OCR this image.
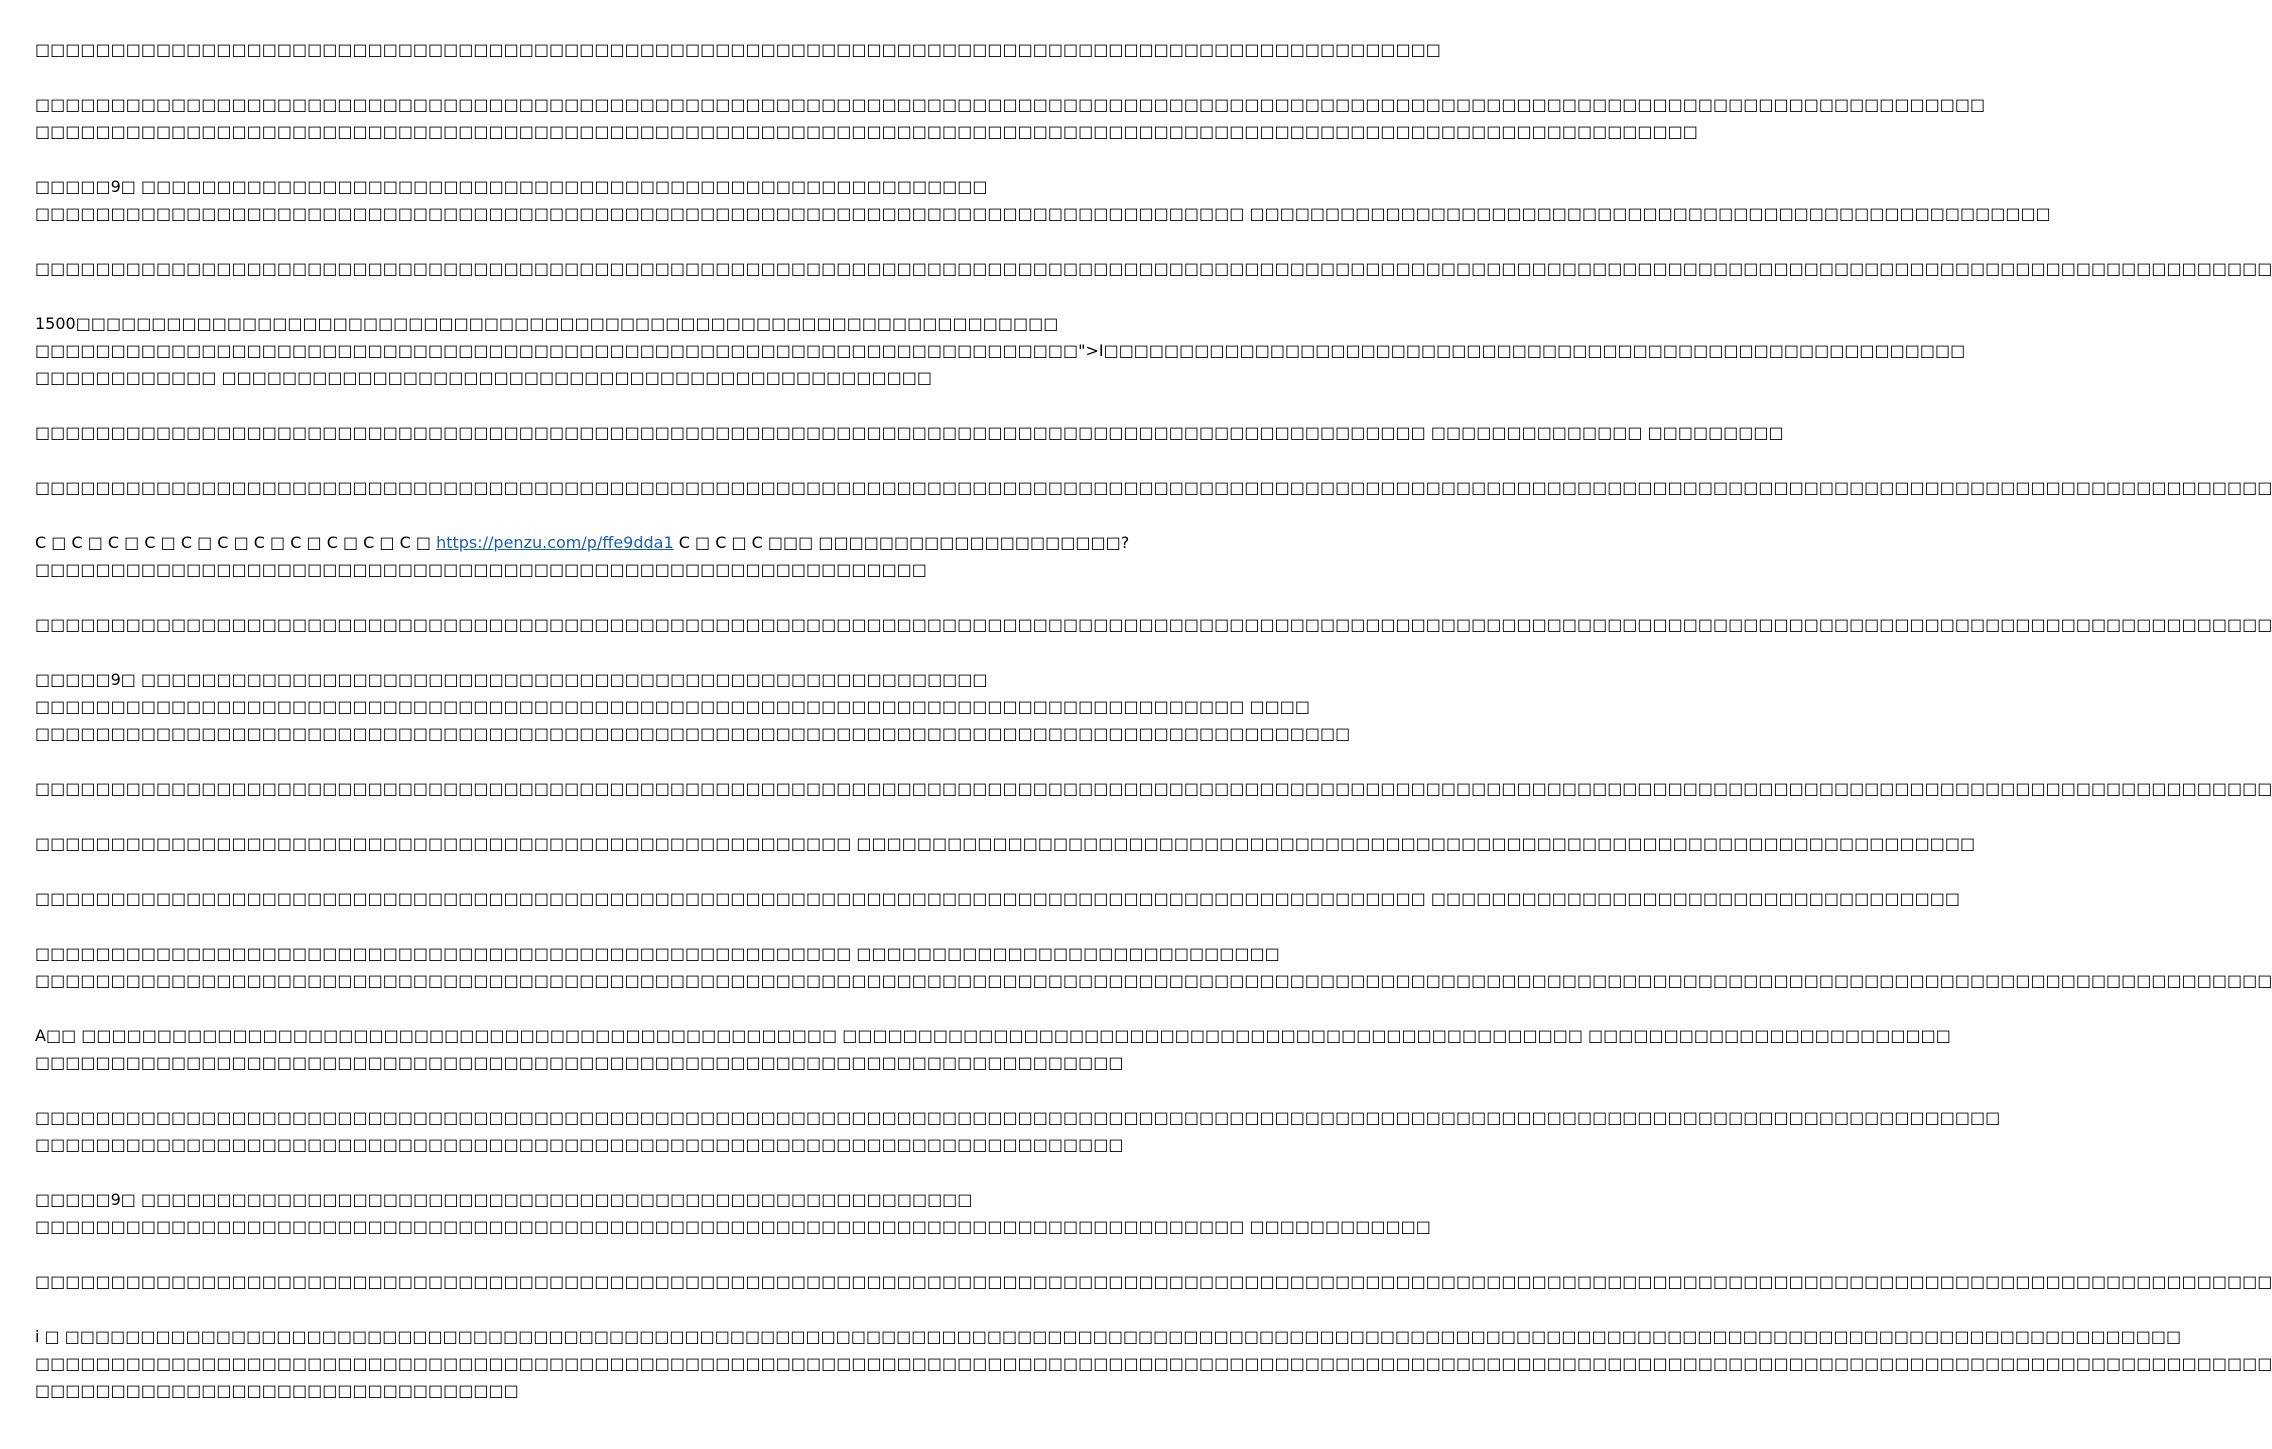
□□□□□□□□□□□□□□□□□□□□□□□□□□□□□□□□□□□□□□□□□□□□□□□□□□□□□□□□□□□□□□□□□□□□□□□□□□□□□□□□□□□□□□□□□□□□□
□□□□□□□□□□□□□□□□□□□□□□□□□□□□□□□□□□□□□□□□□□□□□□□□□□□□□□□□□□□□□□□□□□□□□□□□□□□□□□□□□□□□□□□□□□□□□□□□□□□□□□□□□□□□□□□□□□□□□□□□□□□□□□□□□
□□□□□□□□□□□□□□□□□□□□□□□□□□□□□□□□□□□□□□□□□□□□□□□□□□□□□□□□□□□□□□□□□□□□□□□□□□□□□□□□□□□□□□□□□□□□□□□□□□□□□□□□□□□□□□
□□□□□9□ □□□□□□□□□□□□□□□□□□□□□□□□□□□□□□□□□□□□□□□□□□□□□□□□□□□□□□□□
□□□□□□□□□□□□□□□□□□□□□□□□□□□□□□□□□□□□□□□□□□□□□□□□□□□□□□□□□□□□□□□□□□□□□□□□□□□□□□□□ □□□□□□□□□□□□□□□□□□□□□□□□□□□□□□□□□□□□□□□□□□□□□□□□□□□□□
□□□□□□□□□□□□□□□□□□□□□□□□□□□□□□□□□□□□□□□□□□□□□□□□□□□□□□□□□□□□□□□□□□□□□□□□□□□□□□□□□□□□□□□□□□□□□□□□□□□□□□□□□□□□□□□□□□□□□□□□□□□□□□□□□□□□□□□□□□□□□□□□□□□□
1500□□□□□□□□□□□□□□□□□□□□□□□□□□□□□□□□□□□□□□□□□□□□□□□□□□□□□□□□□□□□□□□□□
□□□□□□□□□□□□□□□□□□□□□□□□□□□□□□□□□□□□□□□□□□□□□□□□□□□□□□□□□□□□□□□□□□□□□">I□□□□□□□□□□□□□□□□□□□□□□□□□□□□□□□□□□□□□□□□□□□□□□□□□□□□□□□□□
□□□□□□□□□□□□ □□□□□□□□□□□□□□□□□□□□□□□□□□□□□□□□□□□□□□□□□□□□□□□
□□□□□□□□□□□□□□□□□□□□□□□□□□□□□□□□□□□□□□□□□□□□□□□□□□□□□□□□□□□□□□□□□□□□□□□□□□□□□□□□□□□□□□□□□□□□ □□□□□□□□□□□□□□ □□□□□□□□□
□□□□□□□□□□□□□□□□□□□□□□□□□□□□□□□□□□□□□□□□□□□□□□□□□□□□□□□□□□□□□□□□□□□□□□□□□□□□□□□□□□□□□□□□□□□□□□□□□□□□□□□□□□□□□□□□□□□□□□□□□□□□□□□□□□□□□□□□□□□□□□□□□□□□
C □ C □ C □ C □ C □ C □ C □ C □ C □ C □ C □ https://penzu.com/p/ffe9dda1 C □ C □ C □□□ □□□□□□□□□□□□□□□□□□□□?
□□□□□□□□□□□□□□□□□□□□□□□□□□□□□□□□□□□□□□□□□□□□□□□□□□□□□□□□□□□
□□□□□□□□□□□□□□□□□□□□□□□□□□□□□□□□□□□□□□□□□□□□□□□□□□□□□□□□□□□□□□□□□□□□□□□□□□□□□□□□□□□□□□□□□□□□□□□□□□□□□□□□□□□□□□□□□□□□□□□□□□□□□□□□□□□□□□□□□□□□□□□□□□□□
□□□□□9□ □□□□□□□□□□□□□□□□□□□□□□□□□□□□□□□□□□□□□□□□□□□□□□□□□□□□□□□□
□□□□□□□□□□□□□□□□□□□□□□□□□□□□□□□□□□□□□□□□□□□□□□□□□□□□□□□□□□□□□□□□□□□□□□□□□□□□□□□□ □□□□
□□□□□□□□□□□□□□□□□□□□□□□□□□□□□□□□□□□□□□□□□□□□□□□□□□□□□□□□□□□□□□□□□□□□□□□□□□□□□□□□□□□□□□□
□□□□□□□□□□□□□□□□□□□□□□□□□□□□□□□□□□□□□□□□□□□□□□□□□□□□□□□□□□□□□□□□□□□□□□□□□□□□□□□□□□□□□□□□□□□□□□□□□□□□□□□□□□□□□□□□□□□□□□□□□□□□□□□□□□□□□□□□□□□□□□□□□□□□
□□□□□□□□□□□□□□□□□□□□□□□□□□□□□□□□□□□□□□□□□□□□□□□□□□□□□□ □□□□□□□□□□□□□□□□□□□□□□□□□□□□□□□□□□□□□□□□□□□□□□□□□□□□□□□□□□□□□□□□□□□□□□□□□□
□□□□□□□□□□□□□□□□□□□□□□□□□□□□□□□□□□□□□□□□□□□□□□□□□□□□□□□□□□□□□□□□□□□□□□□□□□□□□□□□□□□□□□□□□□□□ □□□□□□□□□□□□□□□□□□□□□□□□□□□□□□□□□□□
□□□□□□□□□□□□□□□□□□□□□□□□□□□□□□□□□□□□□□□□□□□□□□□□□□□□□□ □□□□□□□□□□□□□□□□□□□□□□□□□□□□
□□□□□□□□□□□□□□□□□□□□□□□□□□□□□□□□□□□□□□□□□□□□□□□□□□□□□□□□□□□□□□□□□□□□□□□□□□□□□□□□□□□□□□□□□□□□□□□□□□□□□□□□□□□□□□□□□□□□□□□□□□□□□□□□□□□□□□□□□□□□□□□□□□□□
A□□ □□□□□□□□□□□□□□□□□□□□□□□□□□□□□□□□□□□□□□□□□□□□□□□□□□ □□□□□□□□□□□□□□□□□□□□□□□□□□□□□□□□□□□□□□□□□□□□□□□□□ □□□□□□□□□□□□□□□□□□□□□□□□
□□□□□□□□□□□□□□□□□□□□□□□□□□□□□□□□□□□□□□□□□□□□□□□□□□□□□□□□□□□□□□□□□□□□□□□□
□□□□□□□□□□□□□□□□□□□□□□□□□□□□□□□□□□□□□□□□□□□□□□□□□□□□□□□□□□□□□□□□□□□□□□□□□□□□□□□□□□□□□□□□□□□□□□□□□□□□□□□□□□□□□□□□□□□□□□□□□□□□□□□□□□
□□□□□□□□□□□□□□□□□□□□□□□□□□□□□□□□□□□□□□□□□□□□□□□□□□□□□□□□□□□□□□□□□□□□□□□□
□□□□□9□ □□□□□□□□□□□□□□□□□□□□□□□□□□□□□□□□□□□□□□□□□□□□□□□□□□□□□□□
□□□□□□□□□□□□□□□□□□□□□□□□□□□□□□□□□□□□□□□□□□□□□□□□□□□□□□□□□□□□□□□□□□□□□□□□□□□□□□□□ □□□□□□□□□□□□
□□□□□□□□□□□□□□□□□□□□□□□□□□□□□□□□□□□□□□□□□□□□□□□□□□□□□□□□□□□□□□□□□□□□□□□□□□□□□□□□□□□□□□□□□□□□□□□□□□□□□□□□□□□□□□□□□□□□□□□□□□□□□□□□□□□□□□□□□□□□□□□□□□□□
i □ □□□□□□□□□□□□□□□□□□□□□□□□□□□□□□□□□□□□□□□□□□□□□□□□□□□□□□□□□□□□□□□□□□□□□□□□□□□□□□□□□□□□□□□□□□□□□□□□□□□□□□□□□□□□□□□□□□□□□□□□□□□□□□□□□□□□□□□□□□□□
□□□□□□□□□□□□□□□□□□□□□□□□□□□□□□□□□□□□□□□□□□□□□□□□□□□□□□□□□□□□□□□□□□□□□□□□□□□□□□□□□□□□□□□□□□□□□□□□□□□□□□□□□□□□□□□□□□□□□□□□□□□□□□□□□□□□□□□□□□□□□□□□□□□□
□□□□□□□□□□□□□□□□□□□□□□□□□□□□□□□□
